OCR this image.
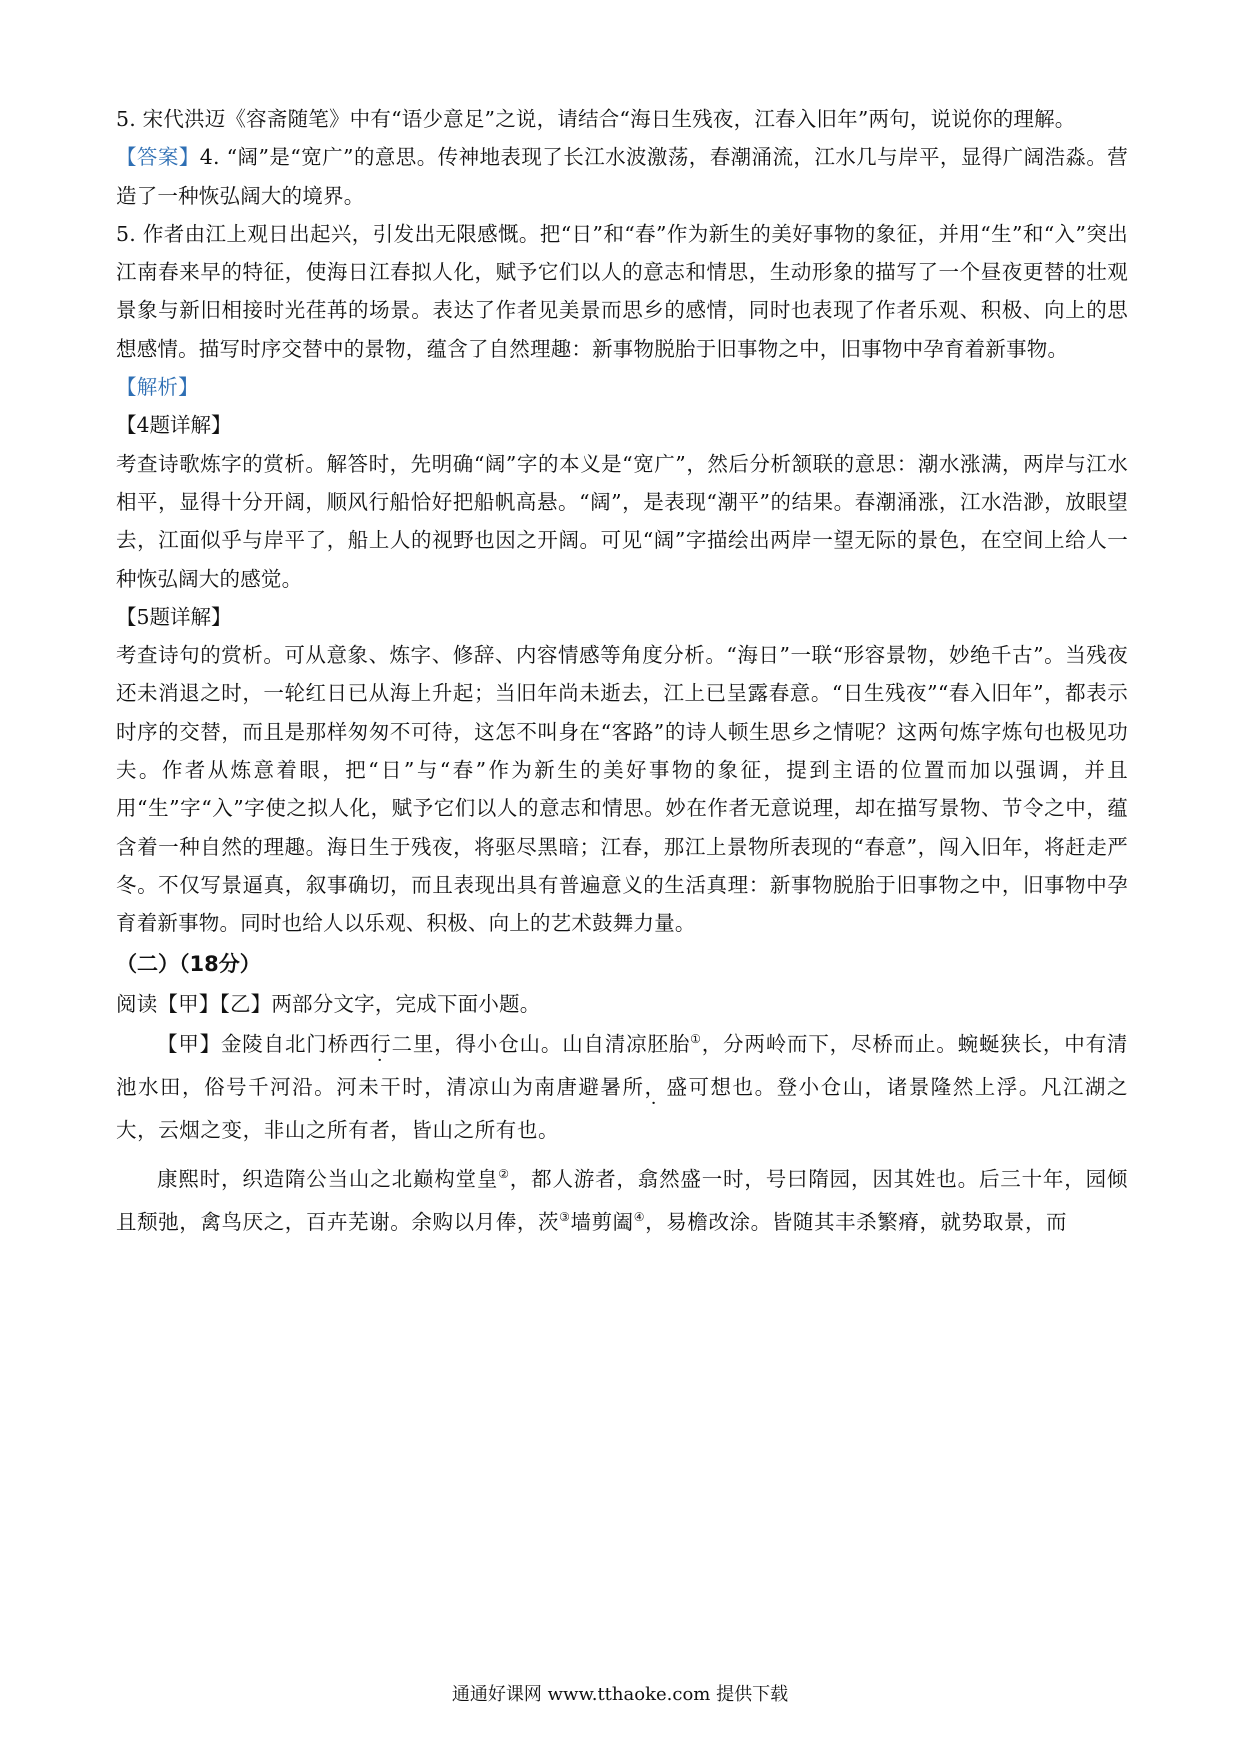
5. 宋代洪迈《容斋随笔》中有“语少意足”之说，请结合“海日生残夜，江春入旧年”两句，说说你的理解。

【答案】4. “阔”是“宽广”的意思。传神地表现了长江水波激荡，春潮涌流，江水几与岸平，显得广阔浩淼。营造了一种恢弘阔大的境界。

5. 作者由江上观日出起兴，引发出无限感慨。把“日”和“春”作为新生的美好事物的象征，并用“生”和“入”突出江南春来早的特征，使海日江春拟人化，赋予它们以人的意志和情思，生动形象的描写了一个昼夜更替的壮观景象与新旧相接时光荏苒的场景。表达了作者见美景而思乡的感情，同时也表现了作者乐观、积极、向上的思想感情。描写时序交替中的景物，蕴含了自然理趣：新事物脱胎于旧事物之中，旧事物中孕育着新事物。

【解析】

【4题详解】

考查诗歌炼字的赏析。解答时，先明确“阔”字的本义是“宽广”，然后分析颔联的意思：潮水涨满，两岸与江水相平，显得十分开阔，顺风行船恰好把船帆高悬。“阔”，是表现“潮平”的结果。春潮涌涨，江水浩渺，放眼望去，江面似乎与岸平了，船上人的视野也因之开阔。可见“阔”字描绘出两岸一望无际的景色，在空间上给人一种恢弘阔大的感觉。

【5题详解】

考查诗句的赏析。可从意象、炼字、修辞、内容情感等角度分析。“海日”一联“形容景物，妙绝千古”。当残夜还未消退之时，一轮红日已从海上升起；当旧年尚未逝去，江上已呈露春意。“日生残夜”“春入旧年”，都表示时序的交替，而且是那样匆匆不可待，这怎不叫身在“客路”的诗人顿生思乡之情呢？这两句炼字炼句也极见功夫。作者从炼意着眼，把“日”与“春”作为新生的美好事物的象征，提到主语的位置而加以强调，并且用“生”字“入”字使之拟人化，赋予它们以人的意志和情思。妙在作者无意说理，却在描写景物、节令之中，蕴含着一种自然的理趣。海日生于残夜，将驱尽黑暗；江春，那江上景物所表现的“春意”，闯入旧年，将赶走严冬。不仅写景逼真，叙事确切，而且表现出具有普遍意义的生活真理：新事物脱胎于旧事物之中，旧事物中孕育着新事物。同时也给人以乐观、积极、向上的艺术鼓舞力量。

（二）（18分）

阅读【甲】【乙】两部分文字，完成下面小题。

【甲】金陵自北门桥西行二里，得小仓山。山自清凉胚胎①，分两岭而下，尽桥而止。蜿蜒狭长，中有清池水田，俗号千河沿。河未干时，清凉山为南唐避暑所，盛可想也。登小仓山，诸景隆然上浮。凡江湖之大，云烟之变，非山之所有者，皆山之所有也。

康熙时，织造隋公当山之北巅构堂皇②，都人游者，翕然盛一时，号曰隋园，因其姓也。后三十年，园倾且颓弛，禽鸟厌之，百卉芜谢。余购以月俸，茨③墙剪阖④，易檐改涂。皆随其丰杀繁瘠，就势取景，而

通通好课网 www.tthaoke.com 提供下载
